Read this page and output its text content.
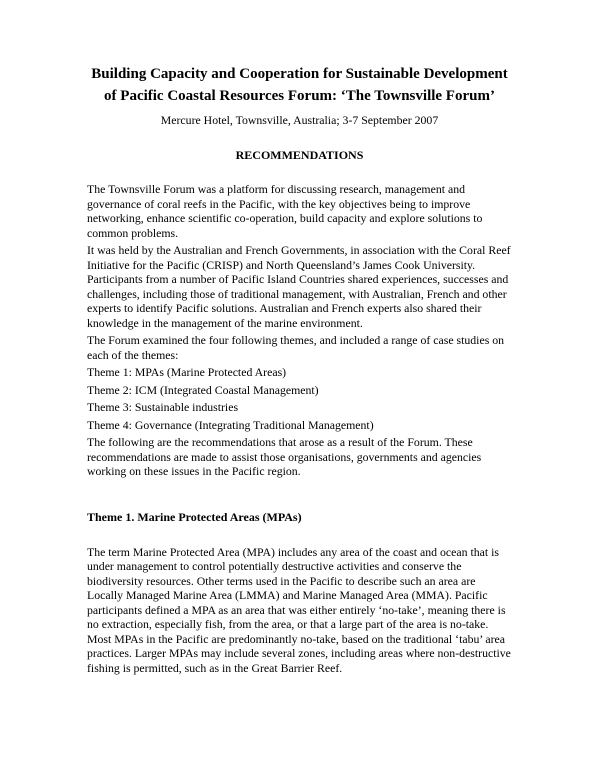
Building Capacity and Cooperation for Sustainable Development
of Pacific Coastal Resources Forum: ‘The Townsville Forum’

Mercure Hotel, Townsville, Australia; 3-7 September 2007

RECOMMENDATIONS

The Townsville Forum was a platform for discussing research, management and governance of coral reefs in the Pacific, with the key objectives being to improve networking, enhance scientific co-operation, build capacity and explore solutions to common problems.

It was held by the Australian and French Governments, in association with the Coral Reef Initiative for the Pacific (CRISP) and North Queensland’s James Cook University. Participants from a number of Pacific Island Countries shared experiences, successes and challenges, including those of traditional management, with Australian, French and other experts to identify Pacific solutions. Australian and French experts also shared their knowledge in the management of the marine environment.

The Forum examined the four following themes, and included a range of case studies on each of the themes:

Theme 1: MPAs (Marine Protected Areas)

Theme 2: ICM (Integrated Coastal Management)

Theme 3: Sustainable industries

Theme 4: Governance (Integrating Traditional Management)

The following are the recommendations that arose as a result of the Forum. These recommendations are made to assist those organisations, governments and agencies working on these issues in the Pacific region.

Theme 1. Marine Protected Areas (MPAs)

The term Marine Protected Area (MPA) includes any area of the coast and ocean that is under management to control potentially destructive activities and conserve the biodiversity resources. Other terms used in the Pacific to describe such an area are Locally Managed Marine Area (LMMA) and Marine Managed Area (MMA). Pacific participants defined a MPA as an area that was either entirely ‘no-take’, meaning there is no extraction, especially fish, from the area, or that a large part of the area is no-take. Most MPAs in the Pacific are predominantly no-take, based on the traditional ‘tabu’ area practices. Larger MPAs may include several zones, including areas where non-destructive fishing is permitted, such as in the Great Barrier Reef.
